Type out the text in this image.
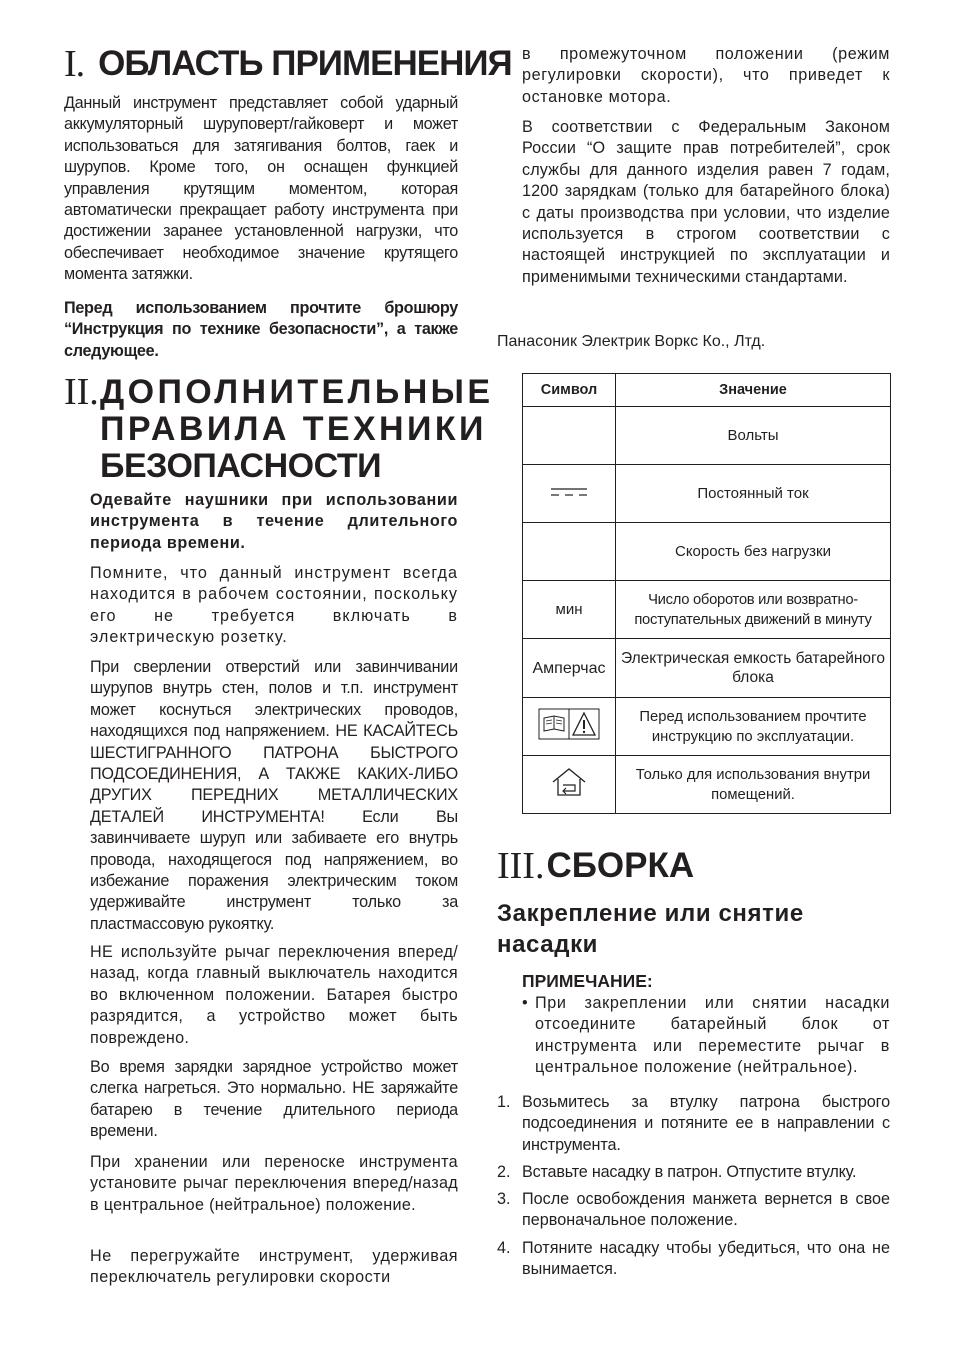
I. ОБЛАСТЬ ПРИМЕНЕНИЯ
Данный инструмент представляет собой ударный аккумуляторный шуруповерт/гайковерт и может использоваться для затягивания болтов, гаек и шурупов. Кроме того, он оснащен функцией управления крутящим моментом, которая автоматически прекращает работу инструмента при достижении заранее установленной нагрузки, что обеспечивает необходимое значение крутящего момента затяжки.
Перед использованием прочтите брошюру “Инструкция по технике безопасности”, а также следующее.
II. ДОПОЛНИТЕЛЬНЫЕ
ПРАВИЛА ТЕХНИКИ
БЕЗОПАСНОСТИ
Одевайте наушники при использовании инструмента в течение длительного периода времени.
Помните, что данный инструмент всегда находится в рабочем состоянии, поскольку его не требуется включать в электрическую розетку.
При сверлении отверстий или завинчивании шурупов внутрь стен, полов и т.п. инструмент может коснуться электрических проводов, находящихся под напряжением. НЕ КАСАЙТЕСЬ ШЕСТИГРАННОГО ПАТРОНА БЫСТРОГО ПОДСОЕДИНЕНИЯ, А ТАКЖЕ КАКИХ-ЛИБО ДРУГИХ ПЕРЕДНИХ МЕТАЛЛИЧЕСКИХ ДЕТАЛЕЙ ИНСТРУМЕНТА! Если Вы завинчиваете шуруп или забиваете его внутрь провода, находящегося под напряжением, во избежание поражения электрическим током удерживайте инструмент только за пластмассовую рукоятку.
НЕ используйте рычаг переключения вперед/назад, когда главный выключатель находится во включенном положении. Батарея быстро разрядится, а устройство может быть повреждено.
Во время зарядки зарядное устройство может слегка нагреться. Это нормально. НЕ заряжайте батарею в течение длительного периода времени.
При хранении или переноске инструмента установите рычаг переключения вперед/назад в центральное (нейтральное) положение.
Не перегружайте инструмент, удерживая переключатель регулировки скорости
в промежуточном положении (режим регулировки скорости), что приведет к остановке мотора.
В соответствии с Федеральным Законом России “О защите прав потребителей”, срок службы для данного изделия равен 7 годам, 1200 зарядкам (только для батарейного блока) с даты производства при условии, что изделие используется в строгом соответствии с настоящей инструкцией по эксплуатации и применимыми техническими стандартами.
Панасоник Электрик Воркс Ко., Лтд.
Символ	Значение
	Вольты
	Постоянный ток
	Скорость без нагрузки
мин	Число оборотов или возвратно-поступательных движений в минуту
Амперчас	Электрическая емкость батарейного блока
	Перед использованием прочтите инструкцию по эксплуатации.
	Только для использования внутри помещений.
III. СБОРКА
Закрепление или снятие
насадки
ПРИМЕЧАНИЕ:
• При закреплении или снятии насадки отсоедините батарейный блок от инструмента или переместите рычаг в центральное положение (нейтральное).
1. Возьмитесь за втулку патрона быстрого подсоединения и потяните ее в направлении с инструмента.
2. Вставьте насадку в патрон. Отпустите втулку.
3. После освобождения манжета вернется в свое первоначальное положение.
4. Потяните насадку чтобы убедиться, что она не вынимается.
